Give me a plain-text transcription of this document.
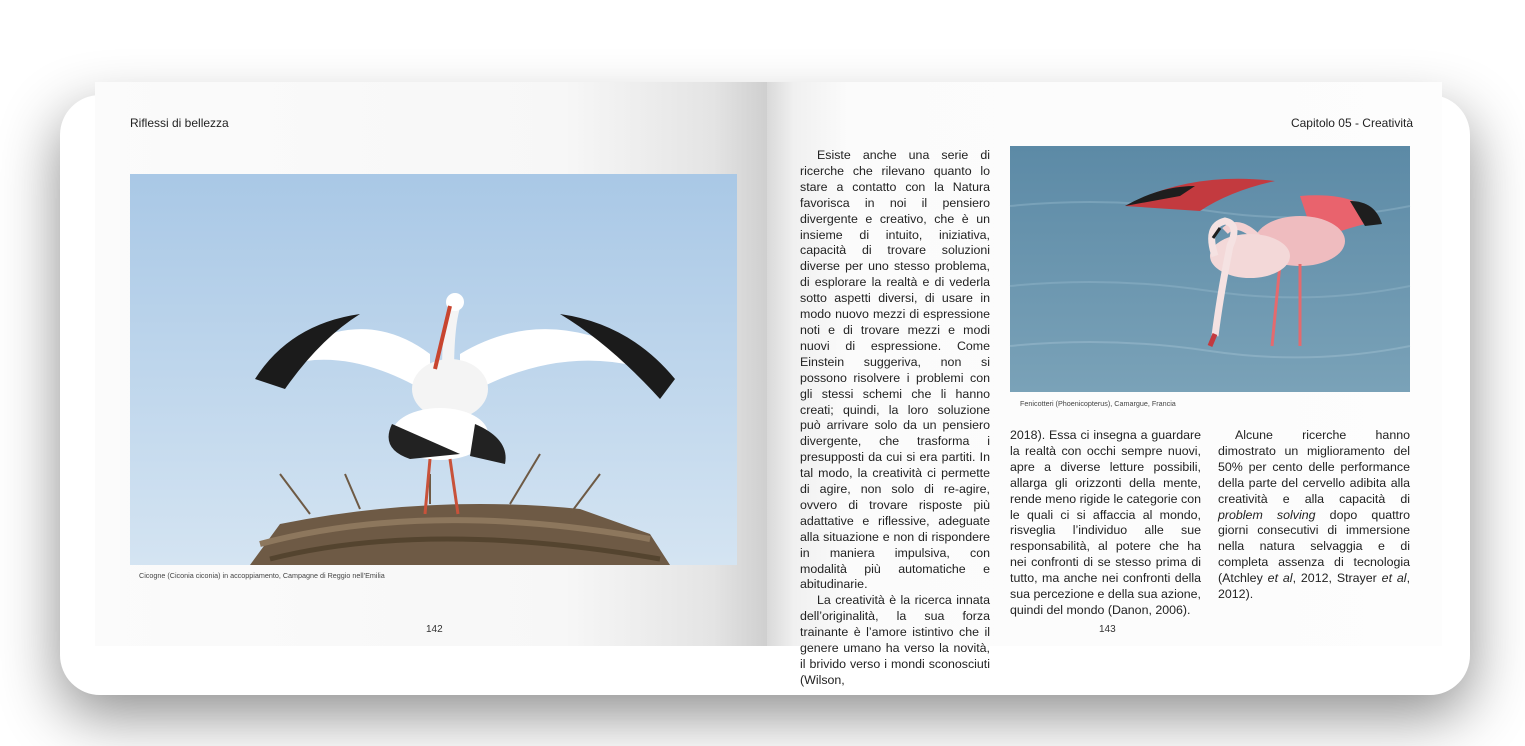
Riflessi di bellezza
Cicogne (Ciconia ciconia) in accoppiamento, Campagne di Reggio nell’Emilia
142
Capitolo 05 - Creatività

Esiste anche una serie di ricerche che rilevano quanto lo stare a contatto con la Natura favorisca in noi il pensiero divergente e creativo, che è un insieme di intuito, iniziativa, capacità di trovare soluzioni diverse per uno stesso problema, di esplorare la realtà e di vederla sotto aspetti diversi, di usare in modo nuovo mezzi di espressione noti e di trovare mezzi e modi nuovi di espressione. Come Einstein suggeriva, non si possono risolvere i problemi con gli stessi schemi che li hanno creati; quindi, la loro soluzione può arrivare solo da un pensiero divergente, che trasforma i presupposti da cui si era partiti. In tal modo, la creatività ci permette di agire, non solo di re-agire, ovvero di trovare risposte più adattative e riflessive, adeguate alla situazione e non di rispondere in maniera impulsiva, con modalità più automatiche e abitudinarie.

La creatività è la ricerca innata dell’originalità, la sua forza trainante è l’amore istintivo che il genere umano ha verso la novità, il brivido verso i mondi sconosciuti (Wilson,

Fenicotteri (Phoenicopterus), Camargue, Francia

2018). Essa ci insegna a guardare la realtà con occhi sempre nuovi, apre a diverse letture possibili, allarga gli orizzonti della mente, rende meno rigide le categorie con le quali ci si affaccia al mondo, risveglia l’individuo alle sue responsabilità, al potere che ha nei confronti di se stesso prima di tutto, ma anche nei confronti della sua percezione e della sua azione, quindi del mondo (Danon, 2006).

Alcune ricerche hanno dimostrato un miglioramento del 50% per cento delle performance della parte del cervello adibita alla creatività e alla capacità di problem solving dopo quattro giorni consecutivi di immersione nella natura selvaggia e di completa assenza di tecnologia (Atchley et al, 2012, Strayer et al, 2012).

143
